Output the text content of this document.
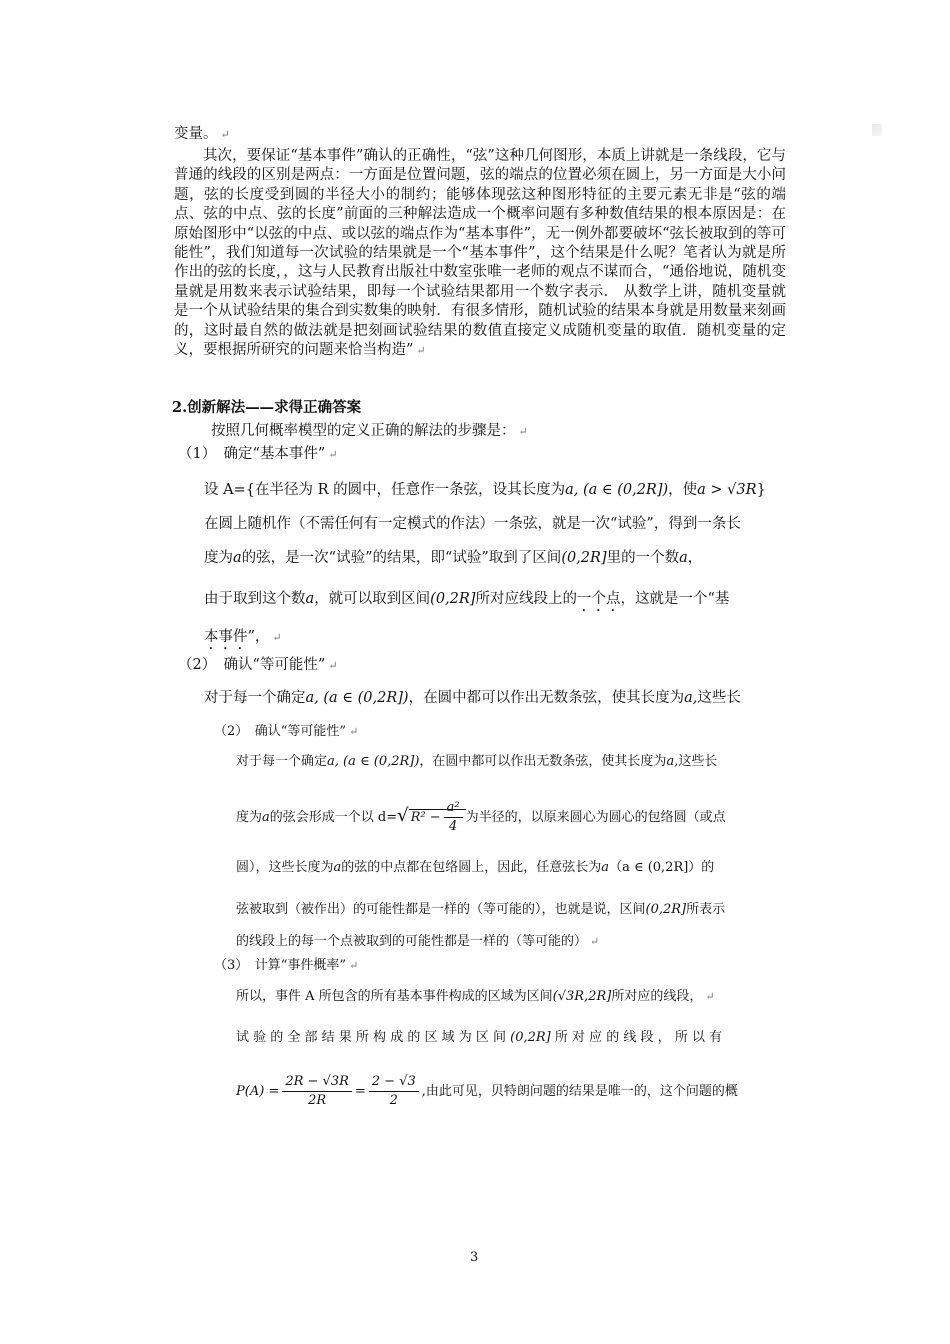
变量。 ↵

其次，要保证“基本事件”确认的正确性，“弦”这种几何图形，本质上讲就是一条线段，它与普通的线段的区别是两点：一方面是位置问题，弦的端点的位置必须在圆上，另一方面是大小问题，弦的长度受到圆的半径大小的制约；能够体现弦这种图形特征的主要元素无非是“弦的端点、弦的中点、弦的长度”前面的三种解法造成一个概率问题有多种数值结果的根本原因是：在原始图形中“以弦的中点、或以弦的端点作为“基本事件”，无一例外都要破坏“弦长被取到的等可能性”，我们知道每一次试验的结果就是一个“基本事件”，这个结果是什么呢？笔者认为就是所作出的弦的长度，，这与人民教育出版社中数室张唯一老师的观点不谋而合，“通俗地说，随机变量就是用数来表示试验结果，即每一个试验结果都用一个数字表示． 从数学上讲，随机变量就是一个从试验结果的集合到实数集的映射．有很多情形，随机试验的结果本身就是用数量来刻画的，这时最自然的做法就是把刻画试验结果的数值直接定义成随机变量的取值．随机变量的定义，要根据所研究的问题来恰当构造” ↵

2.创新解法——求得正确答案
按照几何概率模型的定义正确的解法的步骤是： ↵
（1）　确定“基本事件” ↵
设 A={在半径为 R 的圆中，任意作一条弦，设其长度为a, (a ∈ (0,2R])，使a > √3R}
在圆上随机作（不需任何有一定模式的作法）一条弦，就是一次“试验”，得到一条长
度为a的弦，是一次“试验”的结果，即“试验”取到了区间(0,2R]里的一个数a，
由于取到这个数a，就可以取到区间(0,2R]所对应线段上的一个点，这就是一个“基
本事件”， ↵
（2）　确认“等可能性” ↵
对于每一个确定a, (a ∈ (0,2R])，在圆中都可以作出无数条弦，使其长度为a,这些长
（2）　确认“等可能性” ↵
对于每一个确定a, (a ∈ (0,2R])，在圆中都可以作出无数条弦，使其长度为a,这些长
度为a的弦会形成一个以 d=√ $R^2 - \frac{\text{a²}}{4}$ 为半径的，以原来圆心为圆心的包络圆（或点
圆），这些长度为a的弦的中点都在包络圆上，因此，任意弦长为a（a ∈ (0,2R]）的
弦被取到（被作出）的可能性都是一样的（等可能的），也就是说，区间(0,2R]所表示
的线段上的每一个点被取到的可能性都是一样的（等可能的） ↵
（3）　计算“事件概率” ↵
所以，事件 A 所包含的所有基本事件构成的区域为区间(√3R,2R]所对应的线段， ↵
试 验 的 全 部 结 果 所 构 成 的 区 域 为 区 间 (0,2R] 所 对 应 的 线 段 ， 所 以 有
$P(A) = \frac{2R - √3R}{2R} = \frac{2 - √3}{2}$ ,由此可见，贝特朗问题的结果是唯一的，这个问题的概
3
